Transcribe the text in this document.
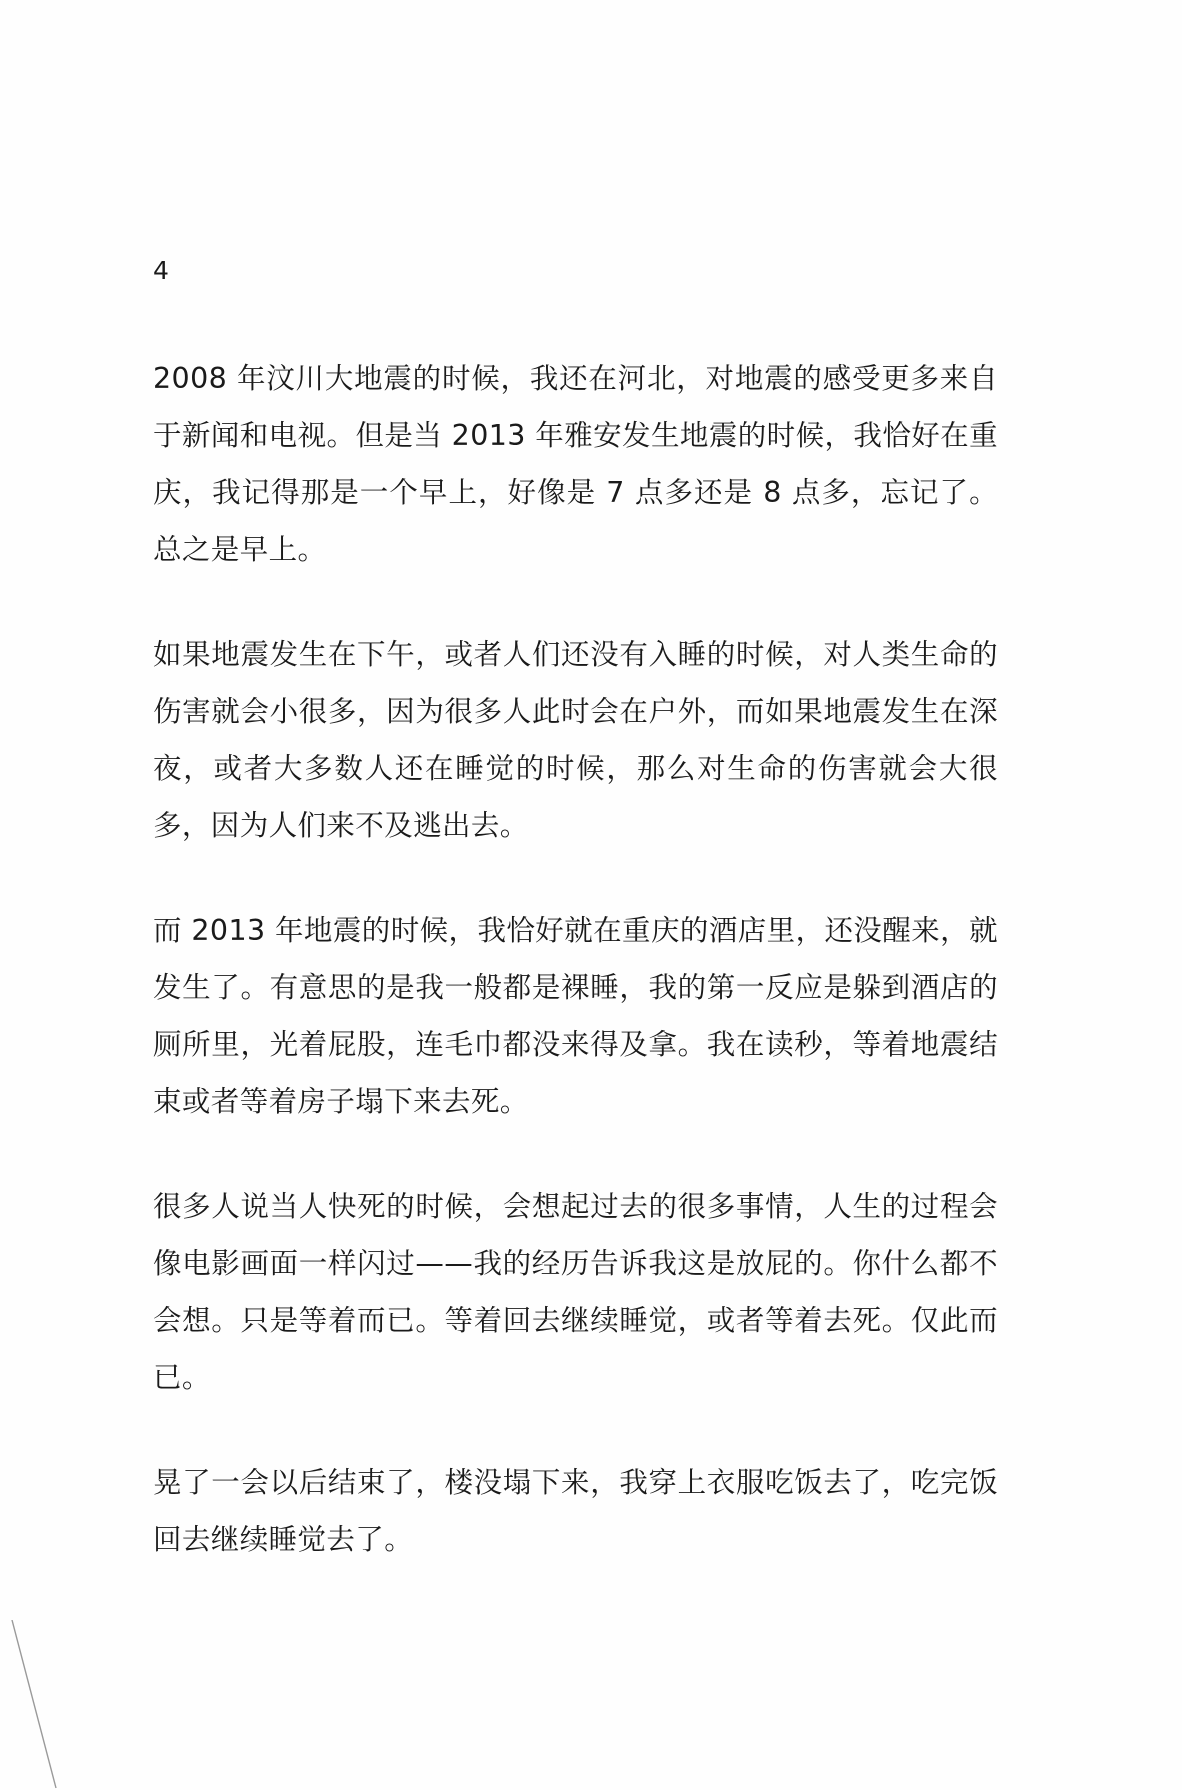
4

2008 年汶川大地震的时候，我还在河北，对地震的感受更多来自于新闻和电视。但是当 2013 年雅安发生地震的时候，我恰好在重庆，我记得那是一个早上，好像是 7 点多还是 8 点多，忘记了。总之是早上。

如果地震发生在下午，或者人们还没有入睡的时候，对人类生命的伤害就会小很多，因为很多人此时会在户外，而如果地震发生在深夜，或者大多数人还在睡觉的时候，那么对生命的伤害就会大很多，因为人们来不及逃出去。

而 2013 年地震的时候，我恰好就在重庆的酒店里，还没醒来，就发生了。有意思的是我一般都是裸睡，我的第一反应是躲到酒店的厕所里，光着屁股，连毛巾都没来得及拿。我在读秒，等着地震结束或者等着房子塌下来去死。

很多人说当人快死的时候，会想起过去的很多事情，人生的过程会像电影画面一样闪过——我的经历告诉我这是放屁的。你什么都不会想。只是等着而已。等着回去继续睡觉，或者等着去死。仅此而已。

晃了一会以后结束了，楼没塌下来，我穿上衣服吃饭去了，吃完饭回去继续睡觉去了。
